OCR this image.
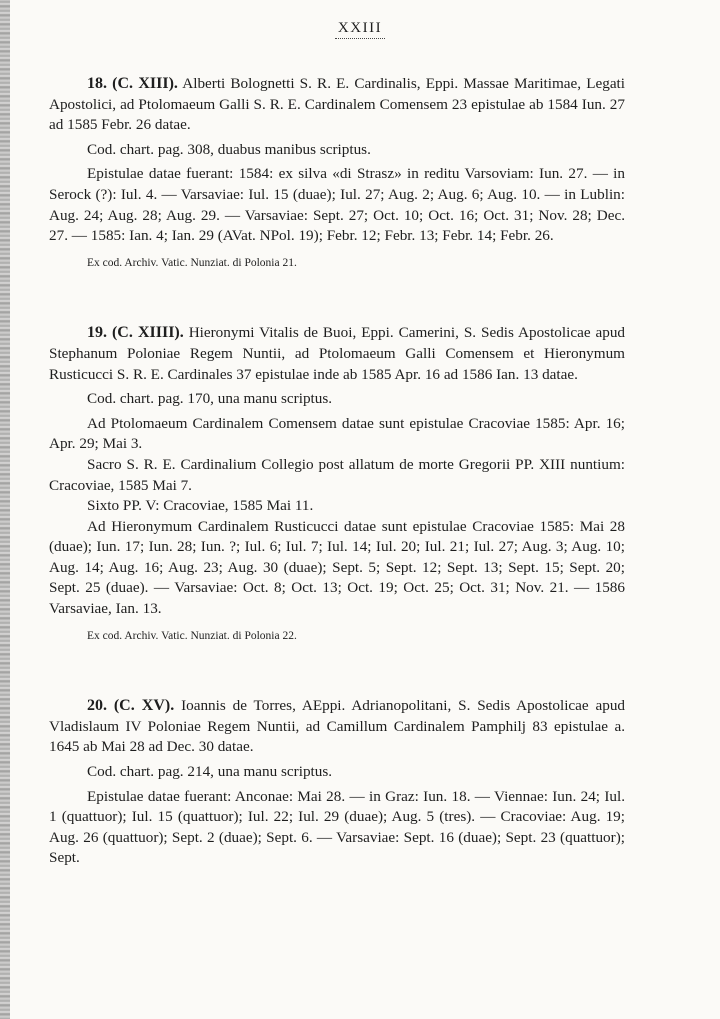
XXIII

18. (C. XIII). Alberti Bolognetti S. R. E. Cardinalis, Eppi. Massae Maritimae, Legati Apostolici, ad Ptolomaeum Galli S. R. E. Cardinalem Comensem 23 epistulae ab 1584 Iun. 27 ad 1585 Febr. 26 datae.

Cod. chart. pag. 308, duabus manibus scriptus.

Epistulae datae fuerant: 1584: ex silva «di Strasz» in reditu Varsoviam: Iun. 27. — in Serock (?): Iul. 4. — Varsaviae: Iul. 15 (duae); Iul. 27; Aug. 2; Aug. 6; Aug. 10. — in Lublin: Aug. 24; Aug. 28; Aug. 29. — Varsaviae: Sept. 27; Oct. 10; Oct. 16; Oct. 31; Nov. 28; Dec. 27. — 1585: Ian. 4; Ian. 29 (AVat. NPol. 19); Febr. 12; Febr. 13; Febr. 14; Febr. 26.

Ex cod. Archiv. Vatic. Nunziat. di Polonia 21.

19. (C. XIIII). Hieronymi Vitalis de Buoi, Eppi. Camerini, S. Sedis Apostolicae apud Stephanum Poloniae Regem Nuntii, ad Ptolomaeum Galli Comensem et Hieronymum Rusticucci S. R. E. Cardinales 37 epistulae inde ab 1585 Apr. 16 ad 1586 Ian. 13 datae.

Cod. chart. pag. 170, una manu scriptus.

Ad Ptolomaeum Cardinalem Comensem datae sunt epistulae Cracoviae 1585: Apr. 16; Apr. 29; Mai 3.

Sacro S. R. E. Cardinalium Collegio post allatum de morte Gregorii PP. XIII nuntium: Cracoviae, 1585 Mai 7.

Sixto PP. V: Cracoviae, 1585 Mai 11.

Ad Hieronymum Cardinalem Rusticucci datae sunt epistulae Cracoviae 1585: Mai 28 (duae); Iun. 17; Iun. 28; Iun. ?; Iul. 6; Iul. 7; Iul. 14; Iul. 20; Iul. 21; Iul. 27; Aug. 3; Aug. 10; Aug. 14; Aug. 16; Aug. 23; Aug. 30 (duae); Sept. 5; Sept. 12; Sept. 13; Sept. 15; Sept. 20; Sept. 25 (duae). — Varsaviae: Oct. 8; Oct. 13; Oct. 19; Oct. 25; Oct. 31; Nov. 21. — 1586 Varsaviae, Ian. 13.

Ex cod. Archiv. Vatic. Nunziat. di Polonia 22.

20. (C. XV). Ioannis de Torres, AEppi. Adrianopolitani, S. Sedis Apostolicae apud Vladislaum IV Poloniae Regem Nuntii, ad Camillum Cardinalem Pamphilj 83 epistulae a. 1645 ab Mai 28 ad Dec. 30 datae.

Cod. chart. pag. 214, una manu scriptus.

Epistulae datae fuerant: Anconae: Mai 28. — in Graz: Iun. 18. — Viennae: Iun. 24; Iul. 1 (quattuor); Iul. 15 (quattuor); Iul. 22; Iul. 29 (duae); Aug. 5 (tres). — Cracoviae: Aug. 19; Aug. 26 (quattuor); Sept. 2 (duae); Sept. 6. — Varsaviae: Sept. 16 (duae); Sept. 23 (quattuor); Sept.
